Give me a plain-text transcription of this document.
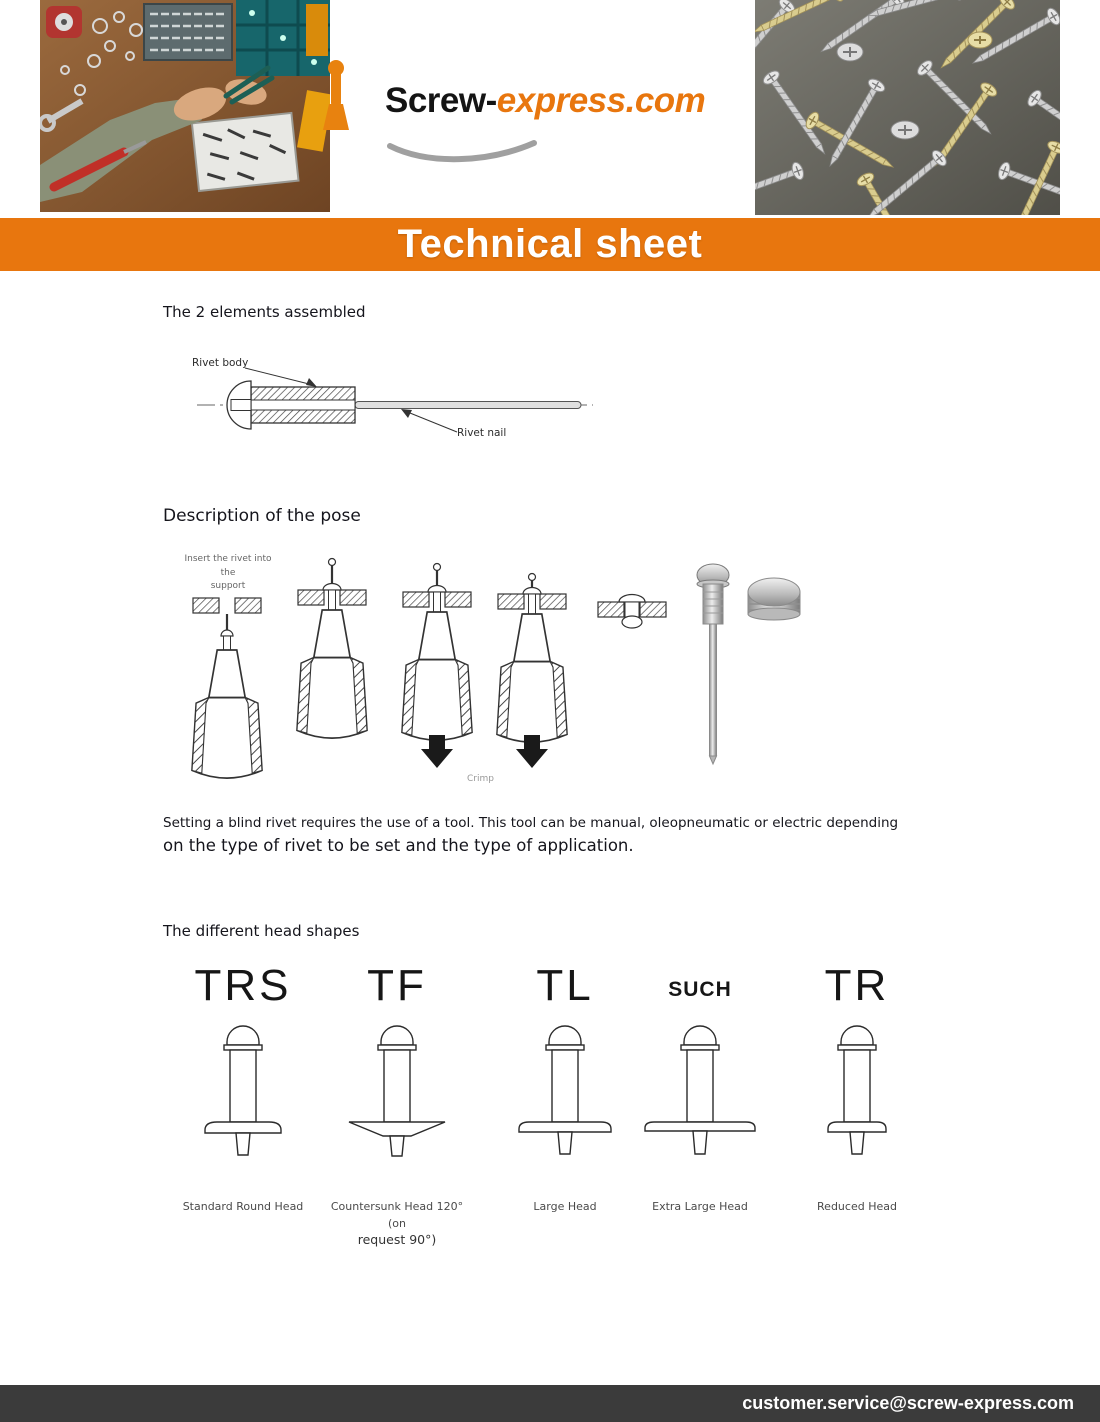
Screw-express.com
Technical sheet
The 2 elements assembled
Rivet body
Rivet nail
Description of the pose
Insert the rivet into the
support
Crimp
Setting a blind rivet requires the use of a tool. This tool can be manual, oleopneumatic or electric depending
on the type of rivet to be set and the type of application.
The different head shapes
TRS
Standard Round Head
TF
Countersunk Head 120° (on
request 90°)
TL
Large Head
SUCH
Extra Large Head
TR
Reduced Head
customer.service@screw-express.com
